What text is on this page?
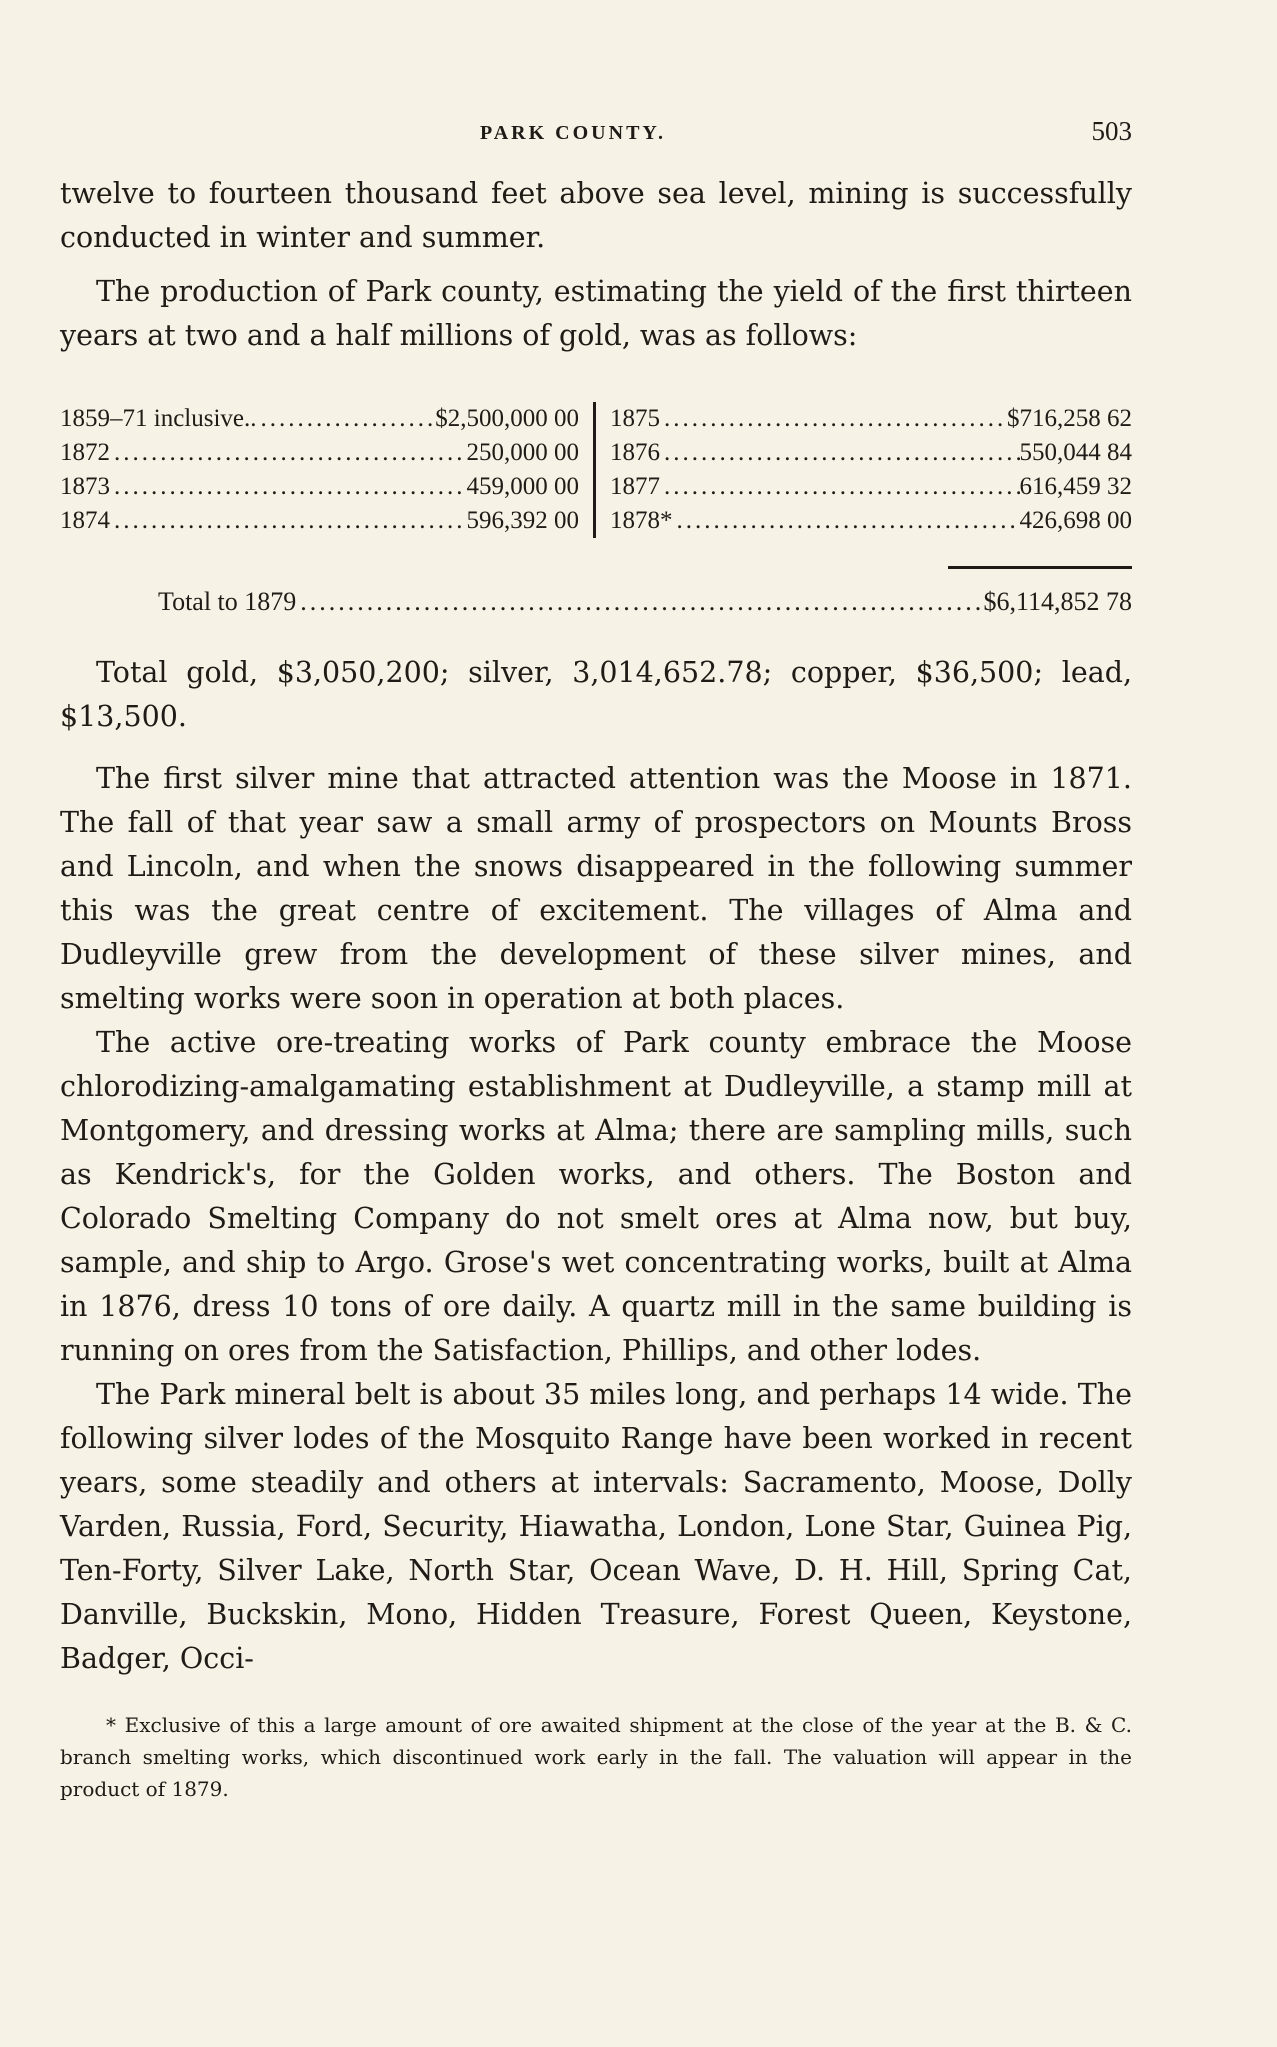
PARK COUNTY.	503

twelve to fourteen thousand feet above sea level, mining is successfully conducted in winter and summer.

The production of Park county, estimating the yield of the first thirteen years at two and a half millions of gold, was as follows:

1859–71 inclusive.. .....	$2,500,000 00
1872 .....	250,000 00
1873 .....	459,000 00
1874 .....	596,392 00
1875 .....	$716,258 62
1876 .....	550,044 84
1877 .....	616,459 32
1878* .....	426,698 00
Total to 1879 .....	$6,114,852 78

Total gold, $3,050,200; silver, 3,014,652.78; copper, $36,500; lead, $13,500.

The first silver mine that attracted attention was the Moose in 1871. The fall of that year saw a small army of prospectors on Mounts Bross and Lincoln, and when the snows disappeared in the following summer this was the great centre of excitement. The villages of Alma and Dudleyville grew from the development of these silver mines, and smelting works were soon in operation at both places.

The active ore-treating works of Park county embrace the Moose chlorodizing-amalgamating establishment at Dudleyville, a stamp mill at Montgomery, and dressing works at Alma; there are sampling mills, such as Kendrick's, for the Golden works, and others. The Boston and Colorado Smelting Company do not smelt ores at Alma now, but buy, sample, and ship to Argo. Grose's wet concentrating works, built at Alma in 1876, dress 10 tons of ore daily. A quartz mill in the same building is running on ores from the Satisfaction, Phillips, and other lodes.

The Park mineral belt is about 35 miles long, and perhaps 14 wide. The following silver lodes of the Mosquito Range have been worked in recent years, some steadily and others at intervals: Sacramento, Moose, Dolly Varden, Russia, Ford, Security, Hiawatha, London, Lone Star, Guinea Pig, Ten-Forty, Silver Lake, North Star, Ocean Wave, D. H. Hill, Spring Cat, Danville, Buckskin, Mono, Hidden Treasure, Forest Queen, Keystone, Badger, Occi-

* Exclusive of this a large amount of ore awaited shipment at the close of the year at the B. & C. branch smelting works, which discontinued work early in the fall. The valuation will appear in the product of 1879.
